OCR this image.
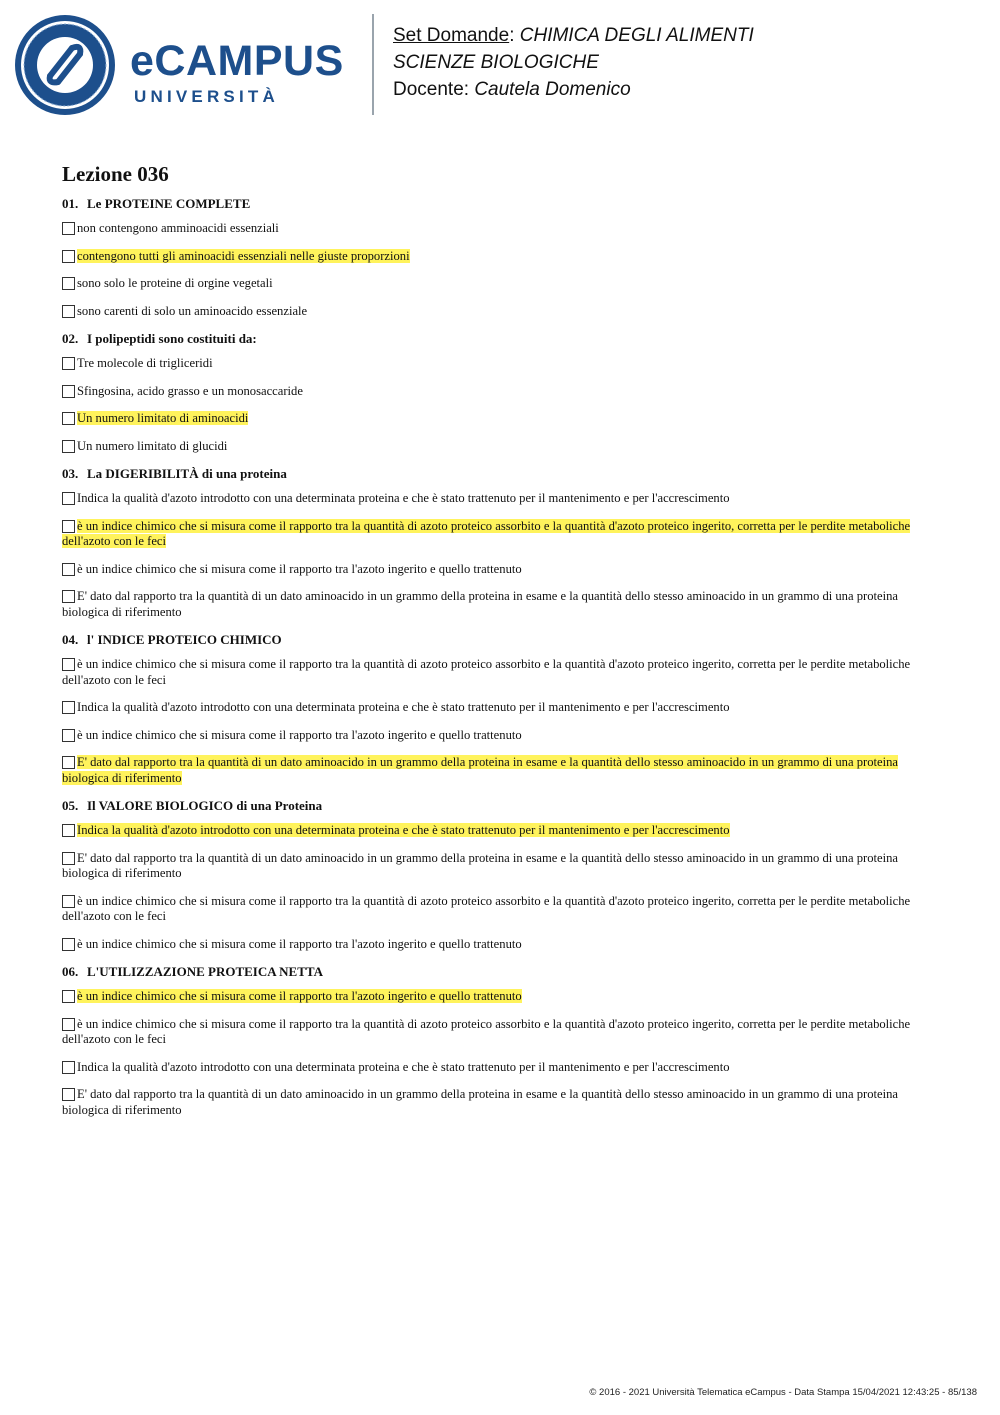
eCAMPUS
UNIVERSITÀ
Set Domande: CHIMICA DEGLI ALIMENTI
SCIENZE BIOLOGICHE
Docente: Cautela Domenico
Lezione 036
01. Le PROTEINE COMPLETE
non contengono amminoacidi essenziali
contengono tutti gli aminoacidi essenziali nelle giuste proporzioni
sono solo le proteine di orgine vegetali
sono carenti di solo un aminoacido essenziale
02. I polipeptidi sono costituiti da:
Tre molecole di trigliceridi
Sfingosina, acido grasso e un monosaccaride
Un numero limitato di aminoacidi
Un numero limitato di glucidi
03. La DIGERIBILITÀ di una proteina
Indica la qualità d'azoto introdotto con una determinata proteina e che è stato trattenuto per il mantenimento e per l'accrescimento
è un indice chimico che si misura come il rapporto tra la quantità di azoto proteico assorbito e la quantità d'azoto proteico ingerito, corretta per le perdite metaboliche dell'azoto con le feci
è un indice chimico che si misura come il rapporto tra l'azoto ingerito e quello trattenuto
E' dato dal rapporto tra la quantità di un dato aminoacido in un grammo della proteina in esame e la quantità dello stesso aminoacido in un grammo di una proteina biologica di riferimento
04. l' INDICE PROTEICO CHIMICO
è un indice chimico che si misura come il rapporto tra la quantità di azoto proteico assorbito e la quantità d'azoto proteico ingerito, corretta per le perdite metaboliche dell'azoto con le feci
Indica la qualità d'azoto introdotto con una determinata proteina e che è stato trattenuto per il mantenimento e per l'accrescimento
è un indice chimico che si misura come il rapporto tra l'azoto ingerito e quello trattenuto
E' dato dal rapporto tra la quantità di un dato aminoacido in un grammo della proteina in esame e la quantità dello stesso aminoacido in un grammo di una proteina biologica di riferimento
05. Il VALORE BIOLOGICO di una Proteina
Indica la qualità d'azoto introdotto con una determinata proteina e che è stato trattenuto per il mantenimento e per l'accrescimento
E' dato dal rapporto tra la quantità di un dato aminoacido in un grammo della proteina in esame e la quantità dello stesso aminoacido in un grammo di una proteina biologica di riferimento
è un indice chimico che si misura come il rapporto tra la quantità di azoto proteico assorbito e la quantità d'azoto proteico ingerito, corretta per le perdite metaboliche dell'azoto con le feci
è un indice chimico che si misura come il rapporto tra l'azoto ingerito e quello trattenuto
06. L'UTILIZZAZIONE PROTEICA NETTA
è un indice chimico che si misura come il rapporto tra l'azoto ingerito e quello trattenuto
è un indice chimico che si misura come il rapporto tra la quantità di azoto proteico assorbito e la quantità d'azoto proteico ingerito, corretta per le perdite metaboliche dell'azoto con le feci
Indica la qualità d'azoto introdotto con una determinata proteina e che è stato trattenuto per il mantenimento e per l'accrescimento
E' dato dal rapporto tra la quantità di un dato aminoacido in un grammo della proteina in esame e la quantità dello stesso aminoacido in un grammo di una proteina biologica di riferimento
© 2016 - 2021 Università Telematica eCampus - Data Stampa 15/04/2021 12:43:25 - 85/138
